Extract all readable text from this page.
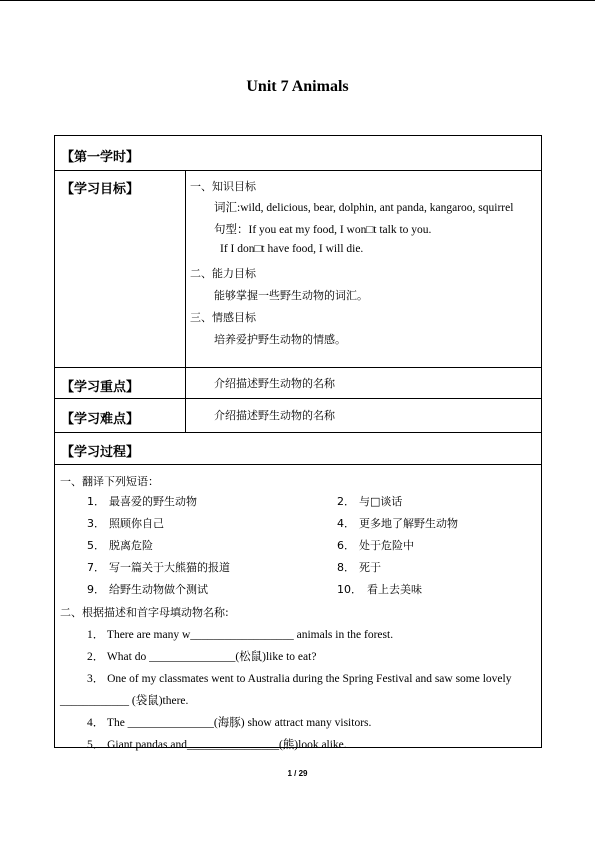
Unit 7 Animals
【第一学时】
【学习目标】	一、知识目标
词汇:wild, delicious, bear, dolphin, ant panda, kangaroo, squirrel
句型：If you eat my food, I won□t talk to you.
If I don□t have food, I will die.
二、能力目标
能够掌握一些野生动物的词汇。
三、情感目标
培养爱护野生动物的情感。
【学习重点】	介绍描述野生动物的名称
【学习难点】	介绍描述野生动物的名称
【学习过程】
一、翻译下列短语：
1． 最喜爱的野生动物	2． 与□谈话
3． 照顾你自己	4． 更多地了解野生动物
5． 脱离危险	6． 处于危险中
7． 写一篇关于大熊猫的报道	8． 死于
9． 给野生动物做个测试	10． 看上去美味
二、根据描述和首字母填动物名称:
1． There are many w__________________ animals in the forest.
2． What do _______________(松鼠)like to eat?
3． One of my classmates went to Australia during the Spring Festival and saw some lovely
____________ (袋鼠)there.
4． The _______________(海豚) show attract many visitors.
5． Giant pandas and________________(熊)look alike.
1 / 29
